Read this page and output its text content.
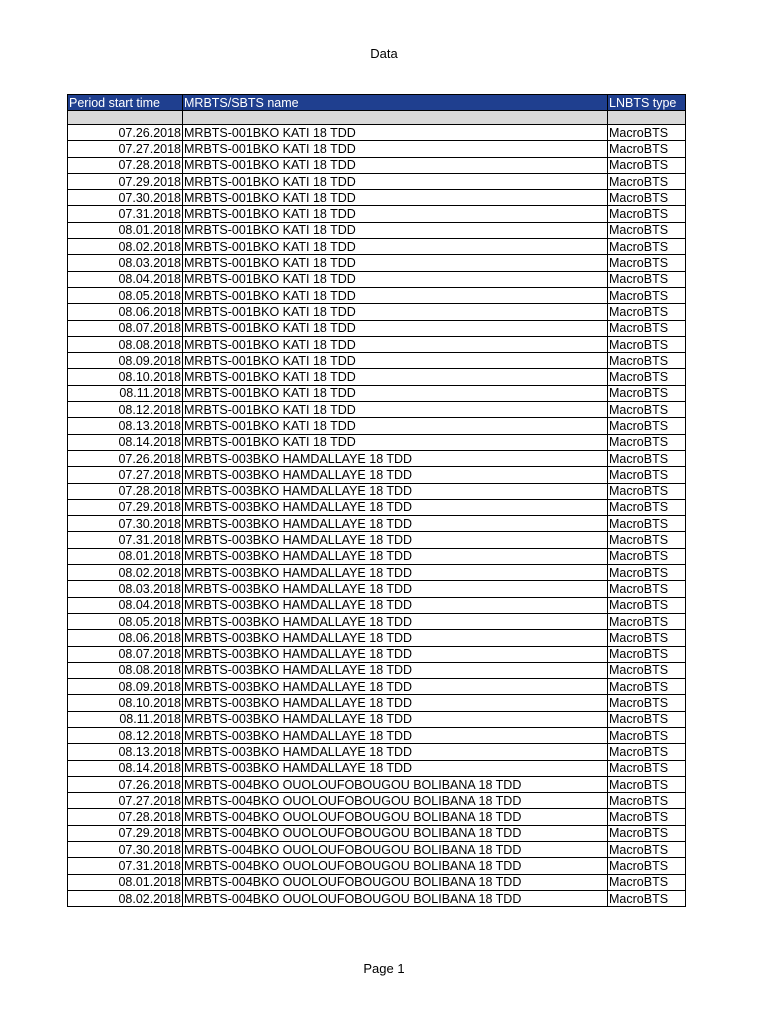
Data
Period start time	MRBTS/SBTS name	LNBTS type

07.26.2018	MRBTS-001BKO KATI 18 TDD	MacroBTS
07.27.2018	MRBTS-001BKO KATI 18 TDD	MacroBTS
07.28.2018	MRBTS-001BKO KATI 18 TDD	MacroBTS
07.29.2018	MRBTS-001BKO KATI 18 TDD	MacroBTS
07.30.2018	MRBTS-001BKO KATI 18 TDD	MacroBTS
07.31.2018	MRBTS-001BKO KATI 18 TDD	MacroBTS
08.01.2018	MRBTS-001BKO KATI 18 TDD	MacroBTS
08.02.2018	MRBTS-001BKO KATI 18 TDD	MacroBTS
08.03.2018	MRBTS-001BKO KATI 18 TDD	MacroBTS
08.04.2018	MRBTS-001BKO KATI 18 TDD	MacroBTS
08.05.2018	MRBTS-001BKO KATI 18 TDD	MacroBTS
08.06.2018	MRBTS-001BKO KATI 18 TDD	MacroBTS
08.07.2018	MRBTS-001BKO KATI 18 TDD	MacroBTS
08.08.2018	MRBTS-001BKO KATI 18 TDD	MacroBTS
08.09.2018	MRBTS-001BKO KATI 18 TDD	MacroBTS
08.10.2018	MRBTS-001BKO KATI 18 TDD	MacroBTS
08.11.2018	MRBTS-001BKO KATI 18 TDD	MacroBTS
08.12.2018	MRBTS-001BKO KATI 18 TDD	MacroBTS
08.13.2018	MRBTS-001BKO KATI 18 TDD	MacroBTS
08.14.2018	MRBTS-001BKO KATI 18 TDD	MacroBTS
07.26.2018	MRBTS-003BKO HAMDALLAYE 18 TDD	MacroBTS
07.27.2018	MRBTS-003BKO HAMDALLAYE 18 TDD	MacroBTS
07.28.2018	MRBTS-003BKO HAMDALLAYE 18 TDD	MacroBTS
07.29.2018	MRBTS-003BKO HAMDALLAYE 18 TDD	MacroBTS
07.30.2018	MRBTS-003BKO HAMDALLAYE 18 TDD	MacroBTS
07.31.2018	MRBTS-003BKO HAMDALLAYE 18 TDD	MacroBTS
08.01.2018	MRBTS-003BKO HAMDALLAYE 18 TDD	MacroBTS
08.02.2018	MRBTS-003BKO HAMDALLAYE 18 TDD	MacroBTS
08.03.2018	MRBTS-003BKO HAMDALLAYE 18 TDD	MacroBTS
08.04.2018	MRBTS-003BKO HAMDALLAYE 18 TDD	MacroBTS
08.05.2018	MRBTS-003BKO HAMDALLAYE 18 TDD	MacroBTS
08.06.2018	MRBTS-003BKO HAMDALLAYE 18 TDD	MacroBTS
08.07.2018	MRBTS-003BKO HAMDALLAYE 18 TDD	MacroBTS
08.08.2018	MRBTS-003BKO HAMDALLAYE 18 TDD	MacroBTS
08.09.2018	MRBTS-003BKO HAMDALLAYE 18 TDD	MacroBTS
08.10.2018	MRBTS-003BKO HAMDALLAYE 18 TDD	MacroBTS
08.11.2018	MRBTS-003BKO HAMDALLAYE 18 TDD	MacroBTS
08.12.2018	MRBTS-003BKO HAMDALLAYE 18 TDD	MacroBTS
08.13.2018	MRBTS-003BKO HAMDALLAYE 18 TDD	MacroBTS
08.14.2018	MRBTS-003BKO HAMDALLAYE 18 TDD	MacroBTS
07.26.2018	MRBTS-004BKO OUOLOUFOBOUGOU BOLIBANA 18 TDD	MacroBTS
07.27.2018	MRBTS-004BKO OUOLOUFOBOUGOU BOLIBANA 18 TDD	MacroBTS
07.28.2018	MRBTS-004BKO OUOLOUFOBOUGOU BOLIBANA 18 TDD	MacroBTS
07.29.2018	MRBTS-004BKO OUOLOUFOBOUGOU BOLIBANA 18 TDD	MacroBTS
07.30.2018	MRBTS-004BKO OUOLOUFOBOUGOU BOLIBANA 18 TDD	MacroBTS
07.31.2018	MRBTS-004BKO OUOLOUFOBOUGOU BOLIBANA 18 TDD	MacroBTS
08.01.2018	MRBTS-004BKO OUOLOUFOBOUGOU BOLIBANA 18 TDD	MacroBTS
08.02.2018	MRBTS-004BKO OUOLOUFOBOUGOU BOLIBANA 18 TDD	MacroBTS
Page 1
